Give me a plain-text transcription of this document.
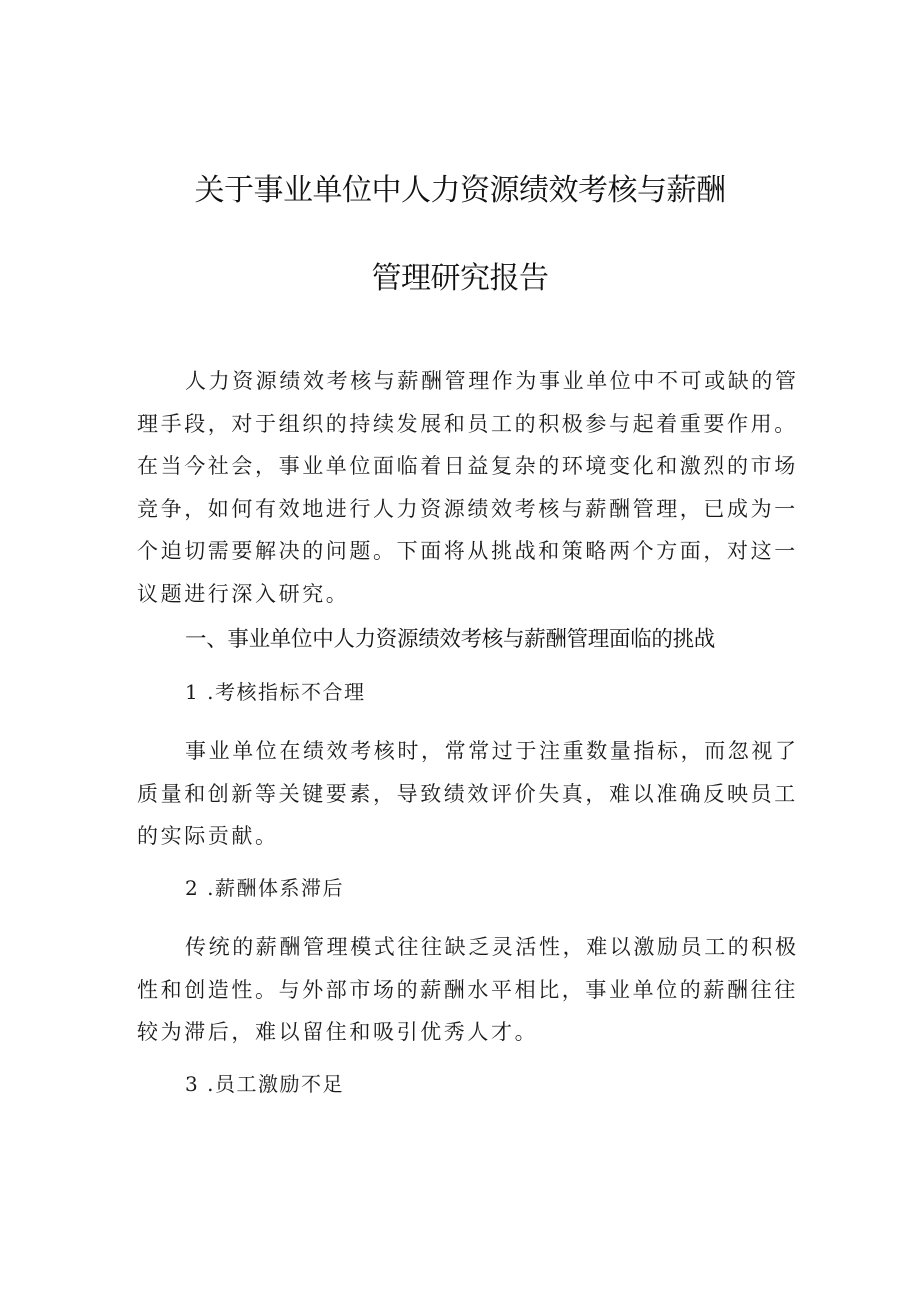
关于事业单位中人力资源绩效考核与薪酬
管理研究报告
人力资源绩效考核与薪酬管理作为事业单位中不可或缺的管
理手段，对于组织的持续发展和员工的积极参与起着重要作用。
在当今社会，事业单位面临着日益复杂的环境变化和激烈的市场
竞争，如何有效地进行人力资源绩效考核与薪酬管理，已成为一
个迫切需要解决的问题。下面将从挑战和策略两个方面，对这一
议题进行深入研究。
一、事业单位中人力资源绩效考核与薪酬管理面临的挑战
1 .考核指标不合理
事业单位在绩效考核时，常常过于注重数量指标，而忽视了
质量和创新等关键要素，导致绩效评价失真，难以准确反映员工
的实际贡献。
2 .薪酬体系滞后
传统的薪酬管理模式往往缺乏灵活性，难以激励员工的积极
性和创造性。与外部市场的薪酬水平相比，事业单位的薪酬往往
较为滞后，难以留住和吸引优秀人才。
3 .员工激励不足
